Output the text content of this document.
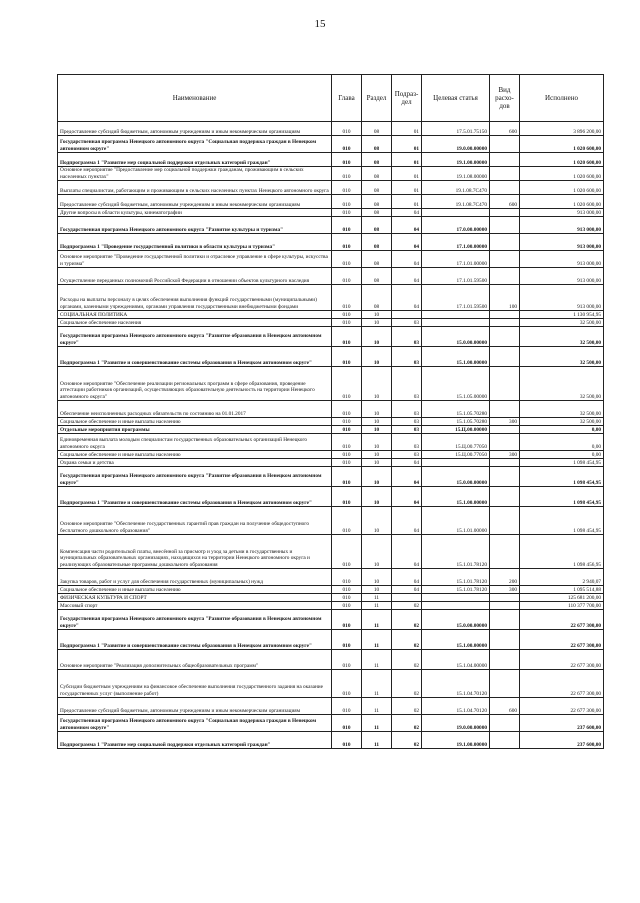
15
Наименование	Глава	Раздел	Подраз-
дел	Целевая статья	Вид
расхо-
дов	Исполнено
Предоставление субсидий бюджетным, автономным учреждениям и иным некоммерческим организациям	010	08	01	17.5.01.75150	600	3 896 200,00
Государственная программа Ненецкого автономного округа "Социальная поддержка граждан в Ненецком автономном округе"	010	08	01	19.0.00.00000		1 020 600,00
Подпрограмма 1 "Развитие мер социальной поддержки отдельных категорий граждан"	010	08	01	19.1.00.00000		1 020 600,00
Основное мероприятие "Предоставление мер социальной поддержки гражданам, проживающим в сельских населенных пунктах"	010	08	01	19.1.08.00000		1 020 600,00
Выплаты специалистам, работающим и проживающим в сельских населенных пунктах Ненецкого автономного округа	010	08	01	19.1.08.7С470		1 020 600,00
Предоставление субсидий бюджетным, автономным учреждениям и иным некоммерческим организациям	010	08	01	19.1.08.7С470	600	1 020 600,00
Другие вопросы в области культуры, кинематографии	010	08	04			913 000,00
Государственная программа Ненецкого автономного округа "Развитие культуры и туризма"	010	08	04	17.0.00.00000		913 000,00
Подпрограмма 1 "Проведение государственной политики в области культуры и туризма"	010	08	04	17.1.00.00000		913 000,00
Основное мероприятие "Проведение государственной политики и отраслевое управление в сфере культуры, искусства и туризма"	010	08	04	17.1.01.00000		913 000,00
Осуществление переданных полномочий Российской Федерации в отношении объектов культурного наследия	010	08	04	17.1.01.59500		913 000,00
Расходы на выплаты персоналу в целях обеспечения выполнения функций государственными (муниципальными) органами, казенными учреждениями, органами управления государственными внебюджетными фондами	010	08	04	17.1.01.59500	100	913 000,00
СОЦИАЛЬНАЯ ПОЛИТИКА	010	10				1 130 954,95
Социальное обеспечение населения	010	10	03			32 500,00
Государственная программа Ненецкого автономного округа "Развитие образования в Ненецком автономном округе"	010	10	03	15.0.00.00000		32 500,00
Подпрограмма 1 "Развитие и совершенствование системы образования в Ненецком автономном округе"	010	10	03	15.1.00.00000		32 500,00
Основное мероприятие "Обеспечение реализации региональных программ в сфере образования, проведение аттестации работников организаций, осуществляющих образовательную деятельность на территории Ненецкого автономного округа"	010	10	03	15.1.05.00000		32 500,00
Обеспечение неисполненных расходных обязательств по состоянию на 01.01.2017	010	10	03	15.1.05.70280		32 500,00
Социальное обеспечение и иные выплаты населению	010	10	03	15.1.05.70280	300	32 500,00
Отдельные мероприятия программы	010	10	03	15.Ц.00.00000		0,00
Единовременная выплата молодым специалистам государственных образовательных организаций Ненецкого автономного округа	010	10	03	15.Ц.00.77050		0,00
Социальное обеспечение и иные выплаты населению	010	10	03	15.Ц.00.77050	300	0,00
Охрана семьи и детства	010	10	04			1 098 454,95
Государственная программа Ненецкого автономного округа "Развитие образования в Ненецком автономном округе"	010	10	04	15.0.00.00000		1 098 454,95
Подпрограмма 1 "Развитие и совершенствование системы образования в Ненецком автономном округе"	010	10	04	15.1.00.00000		1 098 454,95
Основное мероприятие "Обеспечение государственных гарантий прав граждан на получение общедоступного бесплатного дошкольного образования"	010	10	04	15.1.01.00000		1 098 454,95
Компенсация части родительской платы, внесённой за присмотр и уход за детьми в государственных и муниципальных образовательных организациях, находящихся на территории Ненецкого автономного округа и реализующих образовательные программы дошкольного образования	010	10	04	15.1.01.78120		1 098 456,95
Закупка товаров, работ и услуг для обеспечения государственных (муниципальных) нужд	010	10	04	15.1.01.78120	200	2 940,07
Социальное обеспечение и иные выплаты населению	010	10	04	15.1.01.78120	300	1 095 514,88
ФИЗИЧЕСКАЯ КУЛЬТУРА И СПОРТ	010	11				125 681 200,00
Массовый спорт	010	11	02			110 377 700,00
Государственная программа Ненецкого автономного округа "Развитие образования в Ненецком автономном округе"	010	11	02	15.0.00.00000		22 677 300,00
Подпрограмма 1 "Развитие и совершенствование системы образования в Ненецком автономном округе"	010	11	02	15.1.00.00000		22 677 300,00
Основное мероприятие "Реализация дополнительных общеобразовательных программ"	010	11	02	15.1.04.00000		22 677 300,00
Субсидии бюджетным учреждениям на финансовое обеспечение выполнения государственного задания на оказание государственных услуг (выполнение работ)	010	11	02	15.1.04.70120		22 677 300,00
Предоставление субсидий бюджетным, автономным учреждениям и иным некоммерческим организациям	010	11	02	15.1.04.70120	600	22 677 300,00
Государственная программа Ненецкого автономного округа "Социальная поддержка граждан в Ненецком автономном округе"	010	11	02	19.0.00.00000		237 600,00
Подпрограмма 1 "Развитие мер социальной поддержки отдельных категорий граждан"	010	11	02	19.1.00.00000		237 600,00
